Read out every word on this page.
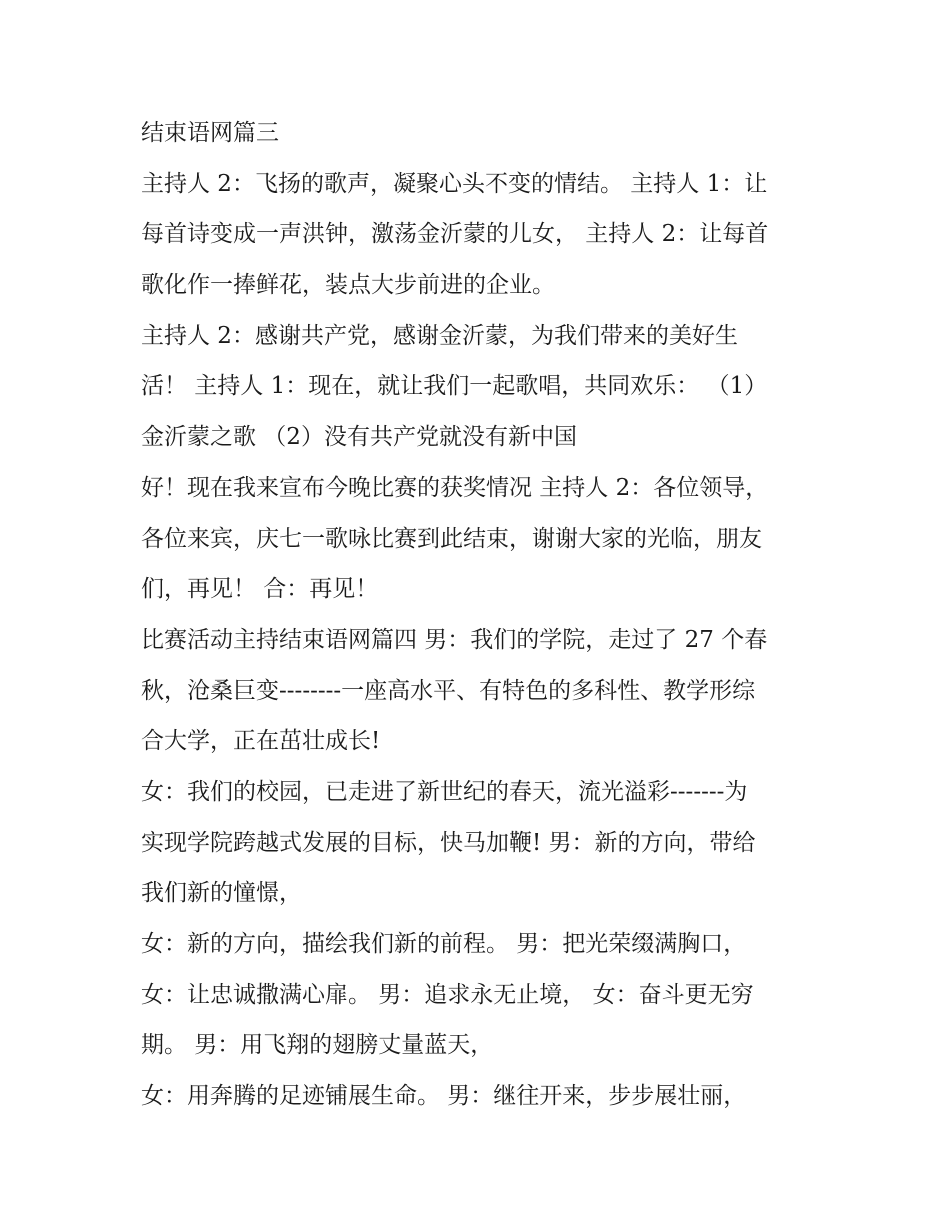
结束语网篇三
主持人 2：飞扬的歌声，凝聚心头不变的情结。 主持人 1：让
每首诗变成一声洪钟，激荡金沂蒙的儿女， 主持人 2：让每首
歌化作一捧鲜花，装点大步前进的企业。
主持人 2：感谢共产党，感谢金沂蒙，为我们带来的美好生
活！ 主持人 1：现在，就让我们一起歌唱，共同欢乐： （1）
金沂蒙之歌 （2）没有共产党就没有新中国
好！现在我来宣布今晚比赛的获奖情况 主持人 2：各位领导，
各位来宾，庆七一歌咏比赛到此结束，谢谢大家的光临，朋友
们，再见！ 合：再见！
比赛活动主持结束语网篇四 男：我们的学院，走过了 27 个春
秋，沧桑巨变--------一座高水平、有特色的多科性、教学形综
合大学，正在茁壮成长!
女：我们的校园，已走进了新世纪的春天，流光溢彩-------为
实现学院跨越式发展的目标，快马加鞭! 男：新的方向，带给
我们新的憧憬，
女：新的方向，描绘我们新的前程。 男：把光荣缀满胸口，
女：让忠诚撒满心扉。 男：追求永无止境， 女：奋斗更无穷
期。 男：用飞翔的翅膀丈量蓝天，
女：用奔腾的足迹铺展生命。 男：继往开来，步步展壮丽，
